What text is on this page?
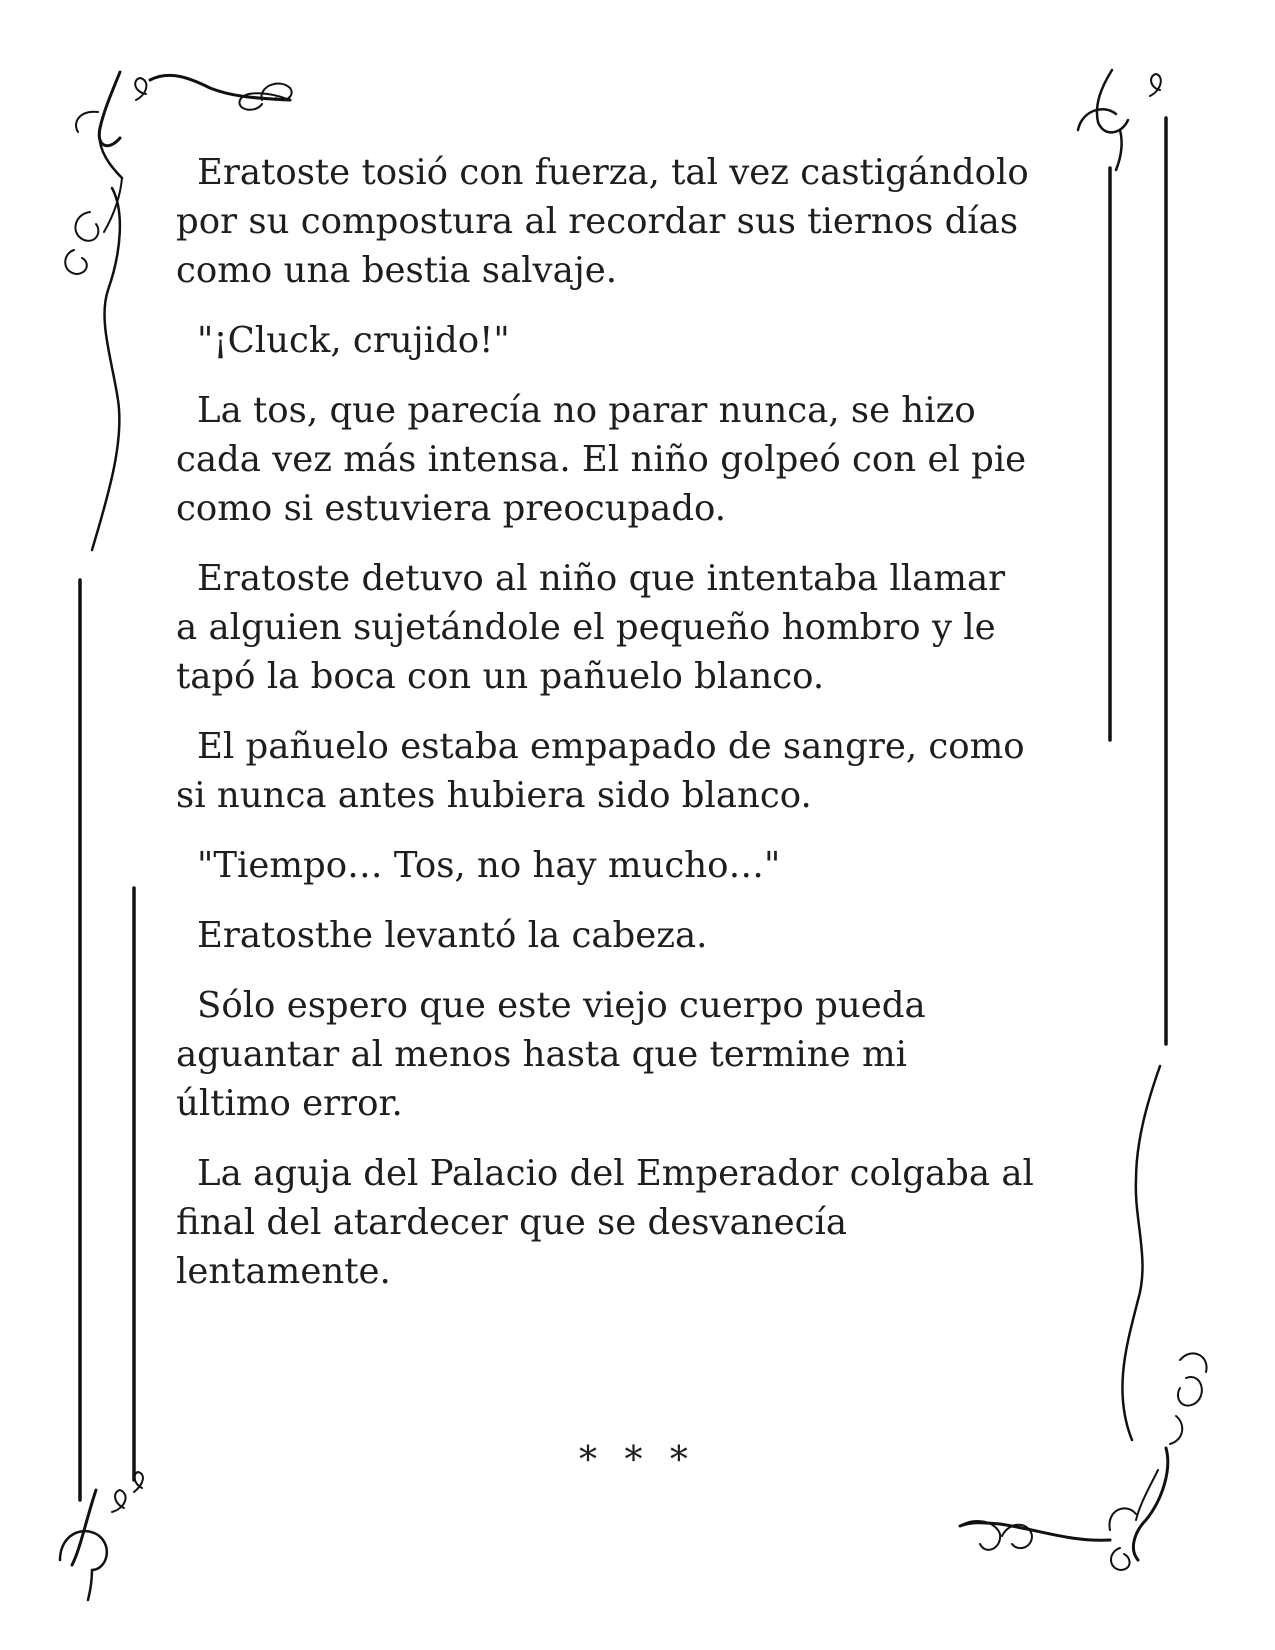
Eratoste tosió con fuerza, tal vez castigándolo
por su compostura al recordar sus tiernos días
como una bestia salvaje.

"¡Cluck, crujido!"

La tos, que parecía no parar nunca, se hizo
cada vez más intensa. El niño golpeó con el pie
como si estuviera preocupado.

Eratoste detuvo al niño que intentaba llamar
a alguien sujetándole el pequeño hombro y le
tapó la boca con un pañuelo blanco.

El pañuelo estaba empapado de sangre, como
si nunca antes hubiera sido blanco.

"Tiempo… Tos, no hay mucho…"

Eratosthe levantó la cabeza.

Sólo espero que este viejo cuerpo pueda
aguantar al menos hasta que termine mi
último error.

La aguja del Palacio del Emperador colgaba al
final del atardecer que se desvanecía
lentamente.

* * *
